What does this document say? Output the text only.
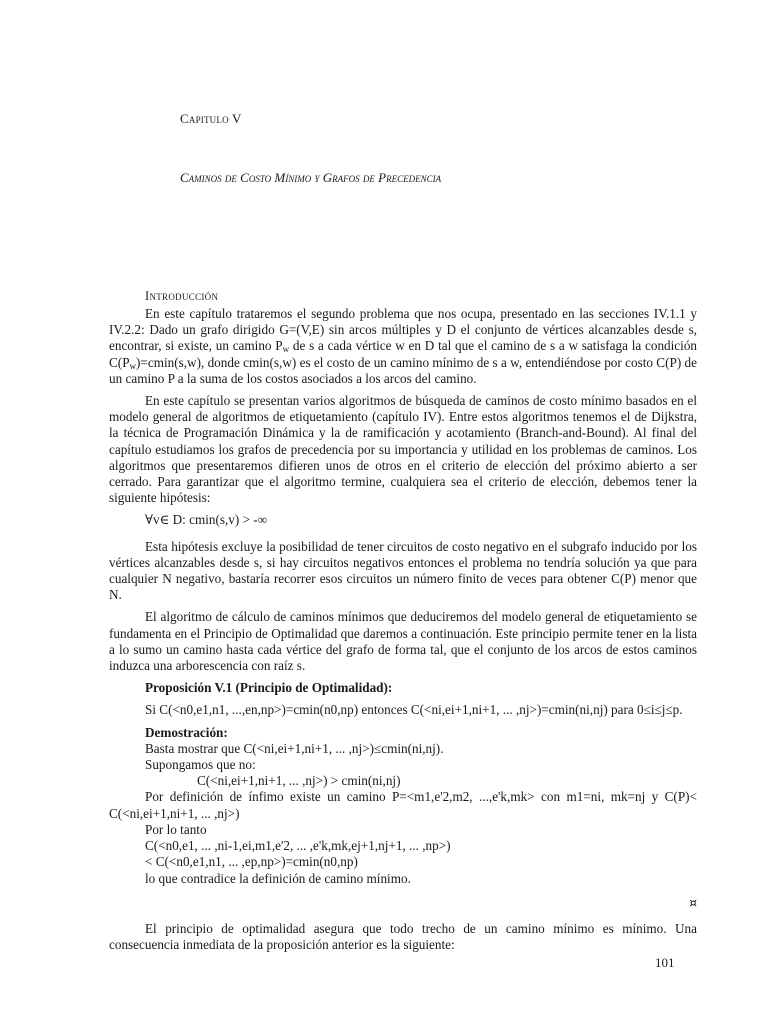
Capitulo V
Caminos de Costo Mínimo y Grafos de Precedencia
Introducción

En este capítulo trataremos el segundo problema que nos ocupa, presentado en las secciones IV.1.1 y IV.2.2: Dado un grafo dirigido G=(V,E) sin arcos múltiples y D el conjunto de vértices alcanzables desde s, encontrar, si existe, un camino $P_w$ de s a cada vértice w en D tal que el camino de s a w satisfaga la condición $C(P_w)=cmin(s,w)$, donde cmin(s,w) es el costo de un camino mínimo de s a w, entendiéndose por costo C(P) de un camino P a la suma de los costos asociados a los arcos del camino.

En este capítulo se presentan varios algoritmos de búsqueda de caminos de costo mínimo basados en el modelo general de algoritmos de etiquetamiento (capítulo IV). Entre estos algoritmos tenemos el de Dijkstra, la técnica de Programación Dinámica y la de ramificación y acotamiento (Branch-and-Bound). Al final del capítulo estudiamos los grafos de precedencia por su importancia y utilidad en los problemas de caminos. Los algoritmos que presentaremos difieren unos de otros en el criterio de elección del próximo abierto a ser cerrado. Para garantizar que el algoritmo termine, cualquiera sea el criterio de elección, debemos tener la siguiente hipótesis:

∀v∈ D: cmin(s,v) > -∞

Esta hipótesis excluye la posibilidad de tener circuitos de costo negativo en el subgrafo inducido por los vértices alcanzables desde s, si hay circuitos negativos entonces el problema no tendría solución ya que para cualquier N negativo, bastaría recorrer esos circuitos un número finito de veces para obtener C(P) menor que N.

El algoritmo de cálculo de caminos mínimos que deduciremos del modelo general de etiquetamiento se fundamenta en el Principio de Optimalidad que daremos a continuación. Este principio permite tener en la lista a lo sumo un camino hasta cada vértice del grafo de forma tal, que el conjunto de los arcos de estos caminos induzca una arborescencia con raíz s.

Proposición V.1 (Principio de Optimalidad):

Si C(<n0,e1,n1, ...,en,np>)=cmin(n0,np) entonces C(<ni,ei+1,ni+1, ... ,nj>)=cmin(ni,nj) para 0≤i≤j≤p.

Demostración:
Basta mostrar que C(<ni,ei+1,ni+1, ... ,nj>)≤cmin(ni,nj).
Supongamos que no:
C(<ni,ei+1,ni+1, ... ,nj>) > cmin(ni,nj)

Por definición de ínfimo existe un camino P=<m1,e'2,m2, ...,e'k,mk> con m1=ni, mk=nj y C(P)< C(<ni,ei+1,ni+1, ... ,nj>)

Por lo tanto
C(<n0,e1, ... ,ni-1,ei,m1,e'2, ... ,e'k,mk,ej+1,nj+1, ... ,np>)
< C(<n0,e1,n1, ... ,ep,np>)=cmin(n0,np)
lo que contradice la definición de camino mínimo.
¤

El principio de optimalidad asegura que todo trecho de un camino mínimo es mínimo. Una consecuencia inmediata de la proposición anterior es la siguiente:

101
